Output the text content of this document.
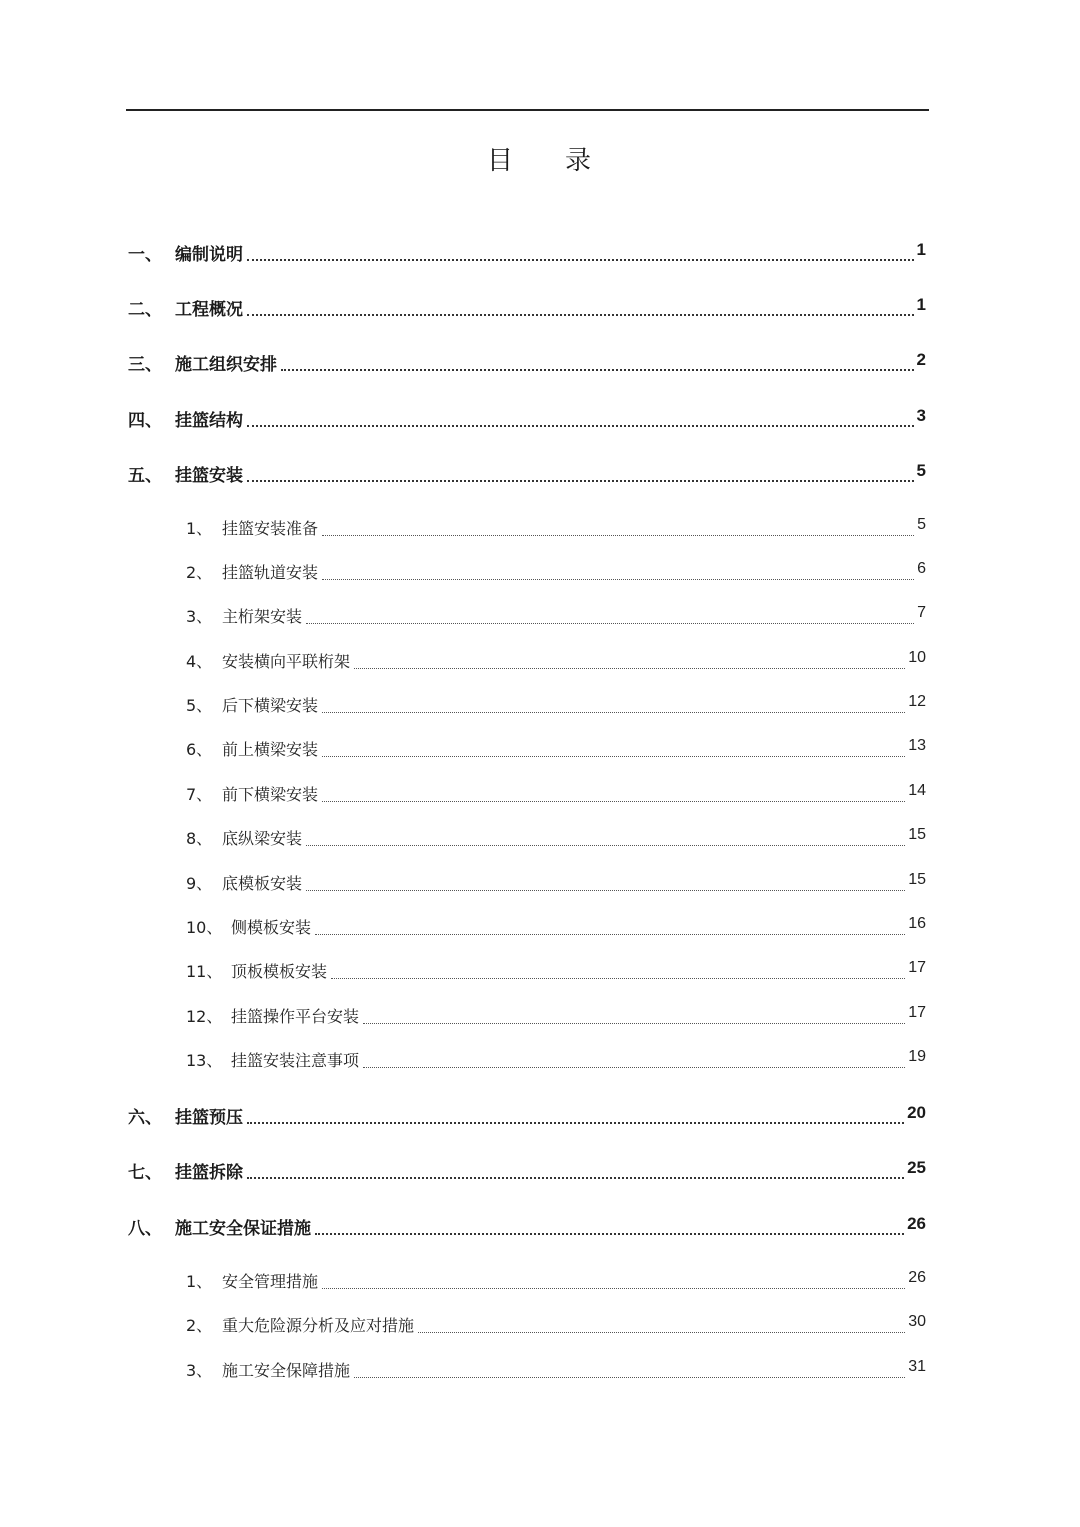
目 录
一、 编制说明	1
二、 工程概况	1
三、 施工组织安排	2
四、 挂篮结构	3
五、 挂篮安装	5
1、 挂篮安装准备	5
2、 挂篮轨道安装	6
3、 主桁架安装	7
4、 安装横向平联桁架	10
5、 后下横梁安装	12
6、 前上横梁安装	13
7、 前下横梁安装	14
8、 底纵梁安装	15
9、 底模板安装	15
10、 侧模板安装	16
11、 顶板模板安装	17
12、 挂篮操作平台安装	17
13、 挂篮安装注意事项	19
六、 挂篮预压	20
七、 挂篮拆除	25
八、 施工安全保证措施	26
1、 安全管理措施	26
2、 重大危险源分析及应对措施	30
3、 施工安全保障措施	31
